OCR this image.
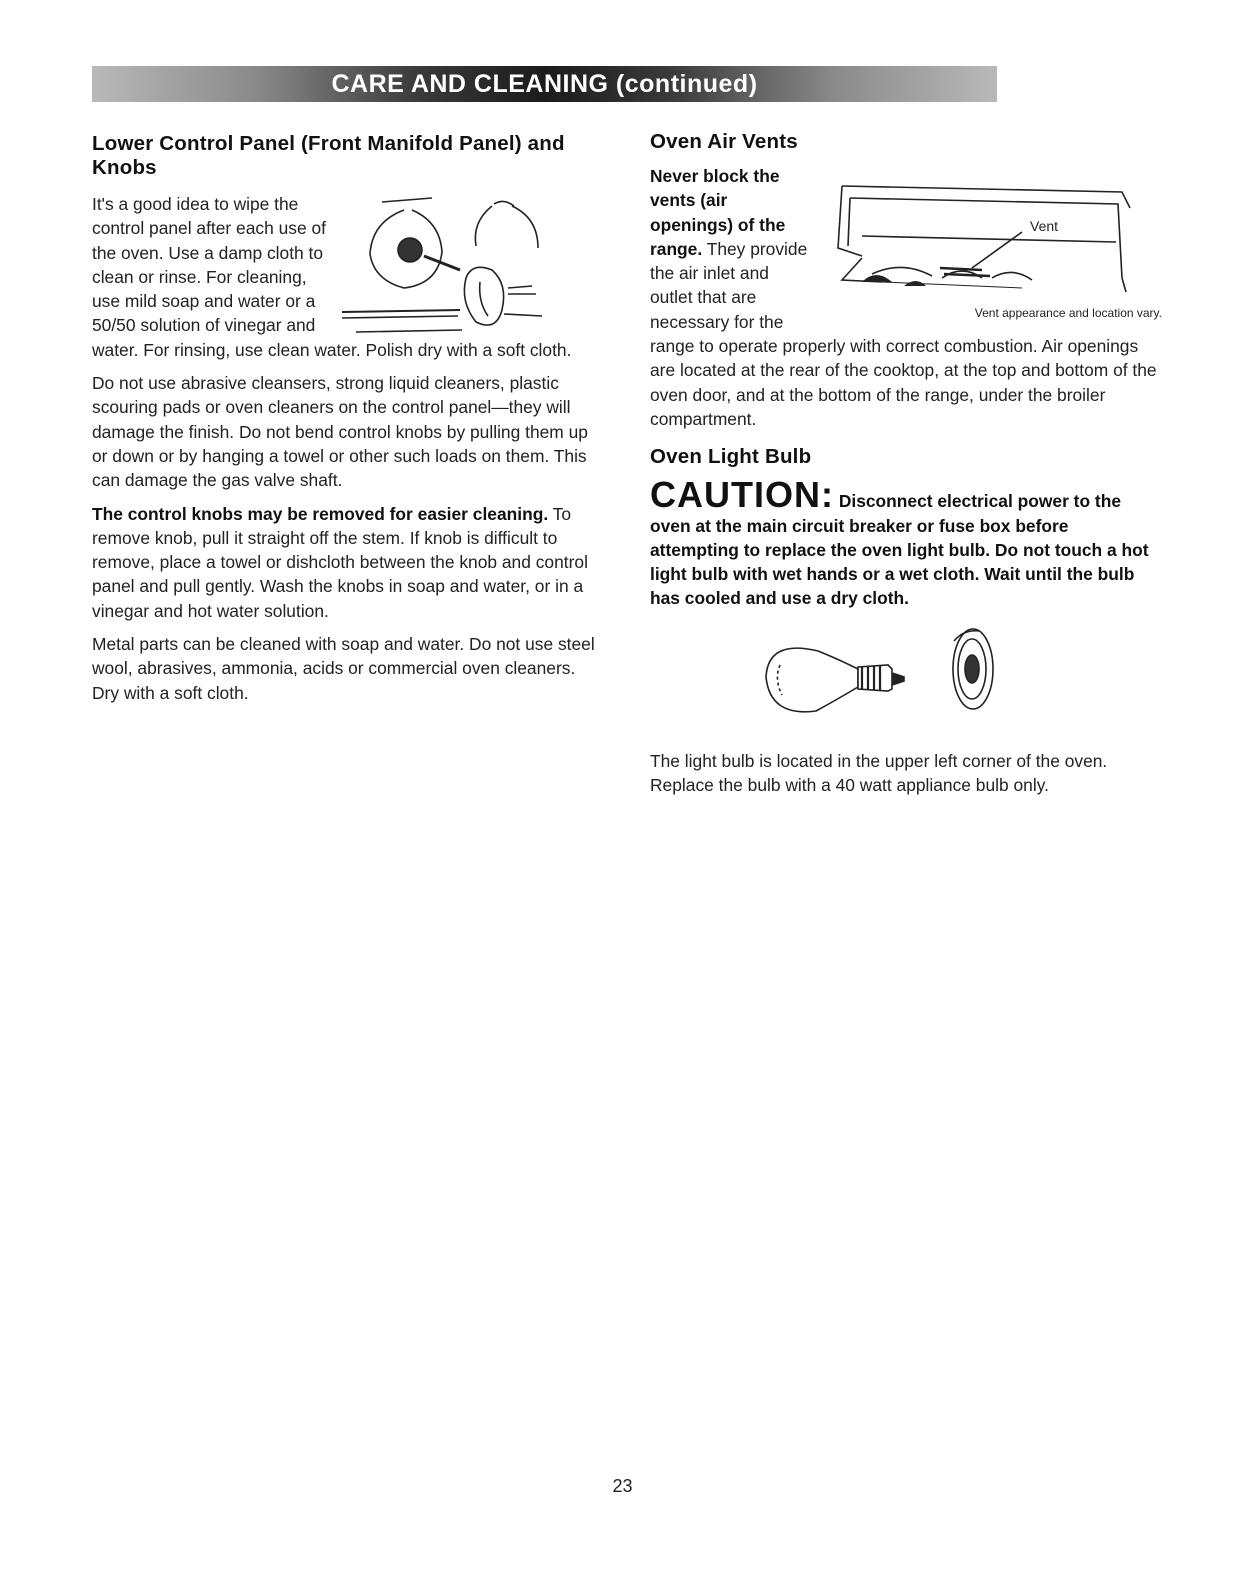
CARE AND CLEANING (continued)
Lower Control Panel (Front Manifold Panel) and Knobs

It's a good idea to wipe the control panel after each use of the oven. Use a damp cloth to clean or rinse. For cleaning, use mild soap and water or a 50/50 solution of vinegar and water. For rinsing, use clean water. Polish dry with a soft cloth.

Do not use abrasive cleansers, strong liquid cleaners, plastic scouring pads or oven cleaners on the control panel—they will damage the finish. Do not bend control knobs by pulling them up or down or by hanging a towel or other such loads on them. This can damage the gas valve shaft.

The control knobs may be removed for easier cleaning. To remove knob, pull it straight off the stem. If knob is difficult to remove, place a towel or dishcloth between the knob and control panel and pull gently. Wash the knobs in soap and water, or in a vinegar and hot water solution.

Metal parts can be cleaned with soap and water. Do not use steel wool, abrasives, ammonia, acids or commercial oven cleaners. Dry with a soft cloth.

Oven Air Vents
Vent
Vent appearance and location vary.

Never block the vents (air openings) of the range. They provide the air inlet and outlet that are necessary for the range to operate properly with correct combustion. Air openings are located at the rear of the cooktop, at the top and bottom of the oven door, and at the bottom of the range, under the broiler compartment.

Oven Light Bulb

CAUTION: Disconnect electrical power to the oven at the main circuit breaker or fuse box before attempting to replace the oven light bulb. Do not touch a hot light bulb with wet hands or a wet cloth. Wait until the bulb has cooled and use a dry cloth.

The light bulb is located in the upper left corner of the oven. Replace the bulb with a 40 watt appliance bulb only.

23
